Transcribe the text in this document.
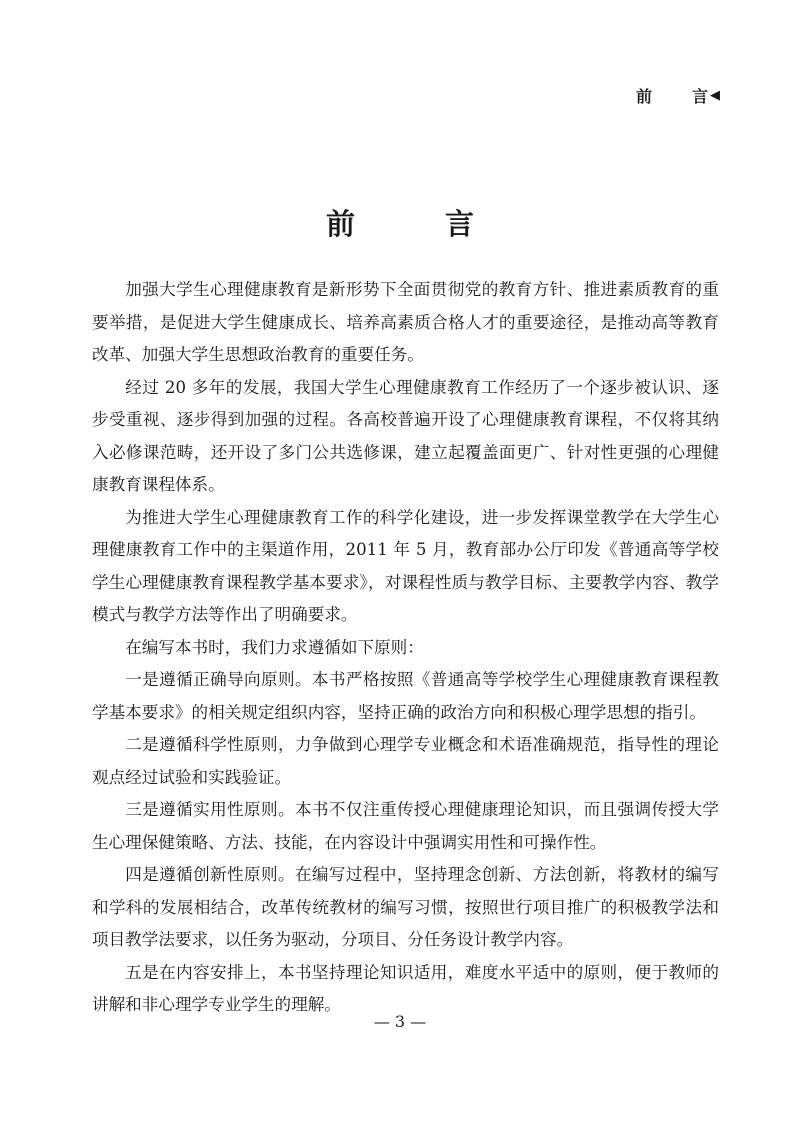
前	言 ◀
前	言

加强大学生心理健康教育是新形势下全面贯彻党的教育方针、推进素质教育的重要举措，是促进大学生健康成长、培养高素质合格人才的重要途径，是推动高等教育改革、加强大学生思想政治教育的重要任务。

经过 20 多年的发展，我国大学生心理健康教育工作经历了一个逐步被认识、逐步受重视、逐步得到加强的过程。各高校普遍开设了心理健康教育课程，不仅将其纳入必修课范畴，还开设了多门公共选修课，建立起覆盖面更广、针对性更强的心理健康教育课程体系。

为推进大学生心理健康教育工作的科学化建设，进一步发挥课堂教学在大学生心理健康教育工作中的主渠道作用，2011 年 5 月，教育部办公厅印发《普通高等学校学生心理健康教育课程教学基本要求》，对课程性质与教学目标、主要教学内容、教学模式与教学方法等作出了明确要求。

在编写本书时，我们力求遵循如下原则：

一是遵循正确导向原则。本书严格按照《普通高等学校学生心理健康教育课程教学基本要求》的相关规定组织内容，坚持正确的政治方向和积极心理学思想的指引。

二是遵循科学性原则，力争做到心理学专业概念和术语准确规范，指导性的理论观点经过试验和实践验证。

三是遵循实用性原则。本书不仅注重传授心理健康理论知识，而且强调传授大学生心理保健策略、方法、技能，在内容设计中强调实用性和可操作性。

四是遵循创新性原则。在编写过程中，坚持理念创新、方法创新，将教材的编写和学科的发展相结合，改革传统教材的编写习惯，按照世行项目推广的积极教学法和项目教学法要求，以任务为驱动，分项目、分任务设计教学内容。

五是在内容安排上，本书坚持理论知识适用，难度水平适中的原则，便于教师的讲解和非心理学专业学生的理解。

— 3 —
